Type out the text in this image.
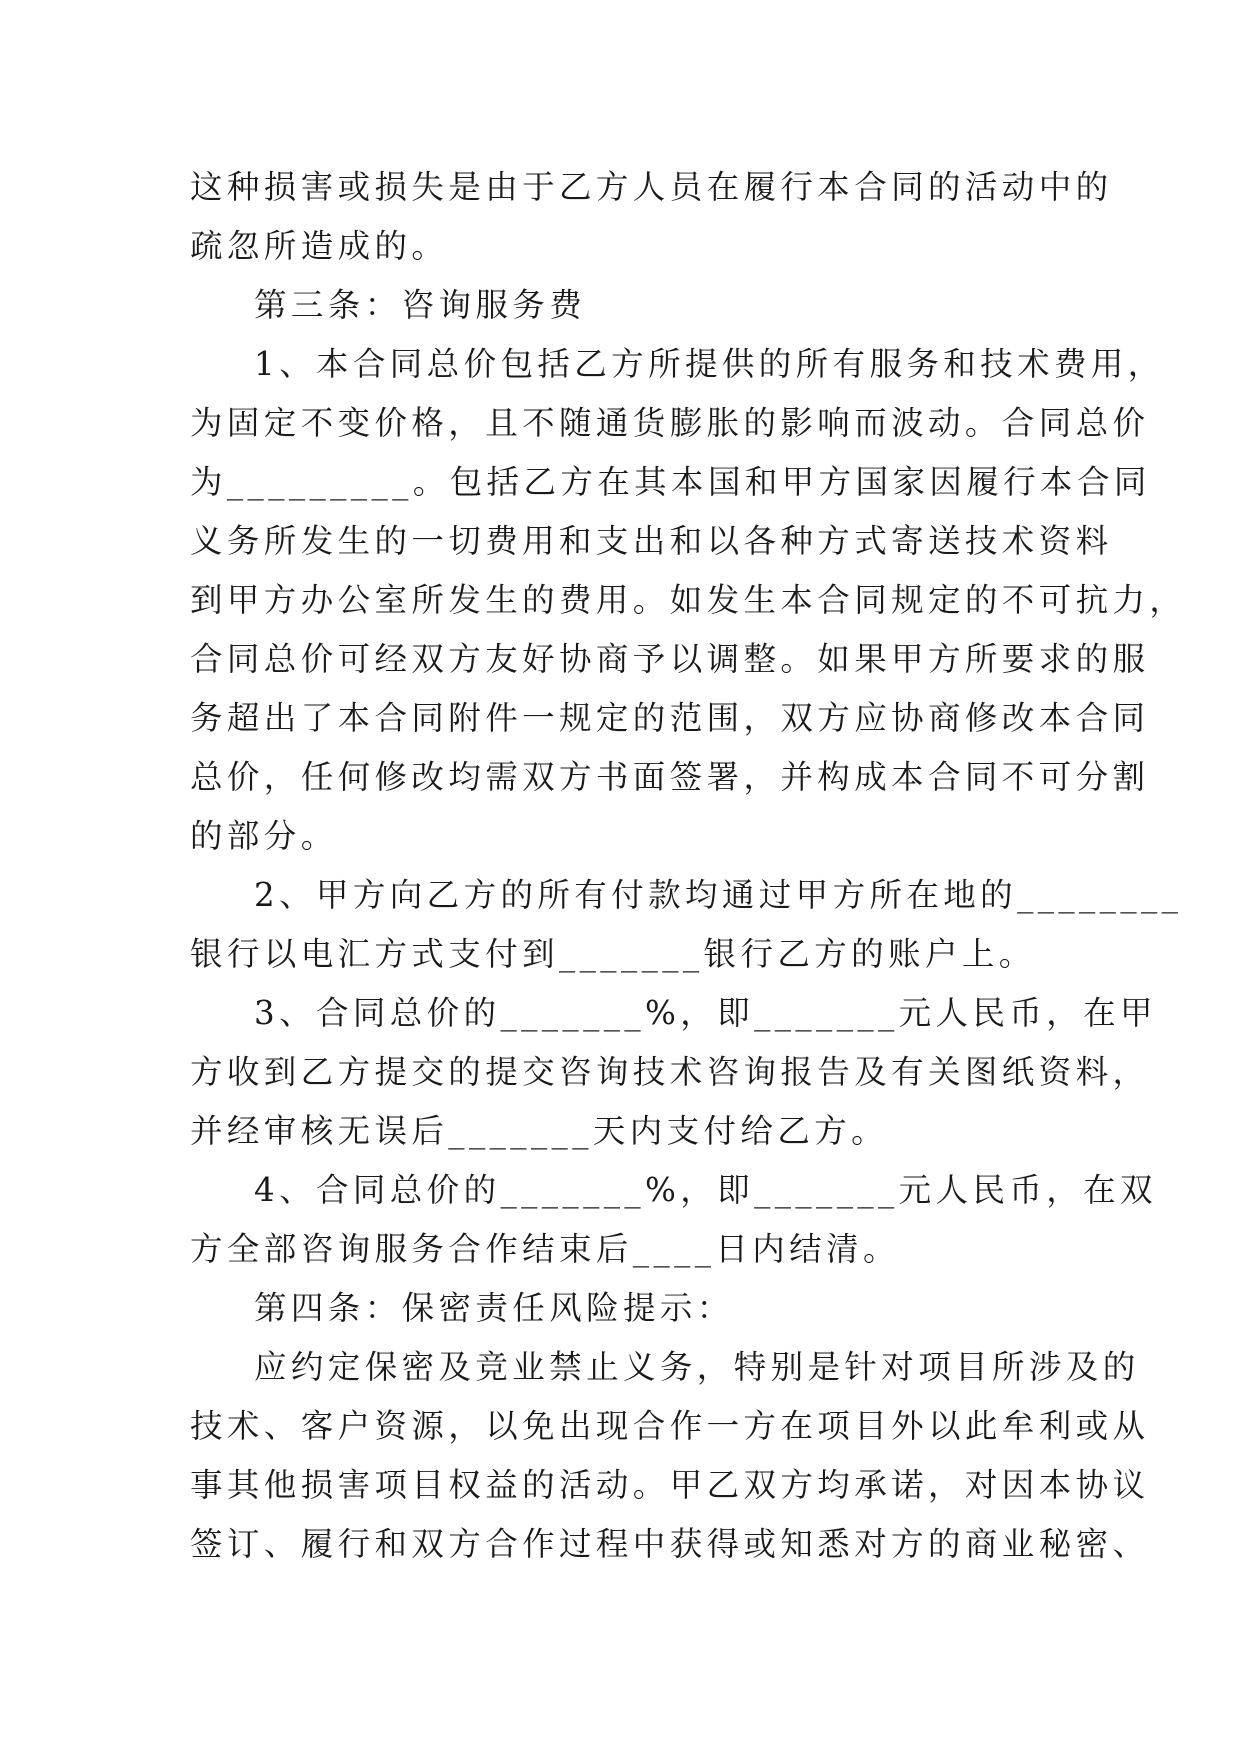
这种损害或损失是由于乙方人员在履行本合同的活动中的
疏忽所造成的。

第三条：咨询服务费

1、本合同总价包括乙方所提供的所有服务和技术费用，
为固定不变价格，且不随通货膨胀的影响而波动。合同总价
为_________。包括乙方在其本国和甲方国家因履行本合同
义务所发生的一切费用和支出和以各种方式寄送技术资料
到甲方办公室所发生的费用。如发生本合同规定的不可抗力，
合同总价可经双方友好协商予以调整。如果甲方所要求的服
务超出了本合同附件一规定的范围，双方应协商修改本合同
总价，任何修改均需双方书面签署，并构成本合同不可分割
的部分。

2、甲方向乙方的所有付款均通过甲方所在地的________
银行以电汇方式支付到_______银行乙方的账户上。

3、合同总价的_______%，即_______元人民币，在甲
方收到乙方提交的提交咨询技术咨询报告及有关图纸资料，
并经审核无误后_______天内支付给乙方。

4、合同总价的_______%，即_______元人民币，在双
方全部咨询服务合作结束后____日内结清。

第四条：保密责任风险提示：

应约定保密及竞业禁止义务，特别是针对项目所涉及的
技术、客户资源，以免出现合作一方在项目外以此牟利或从
事其他损害项目权益的活动。甲乙双方均承诺，对因本协议
签订、履行和双方合作过程中获得或知悉对方的商业秘密、
